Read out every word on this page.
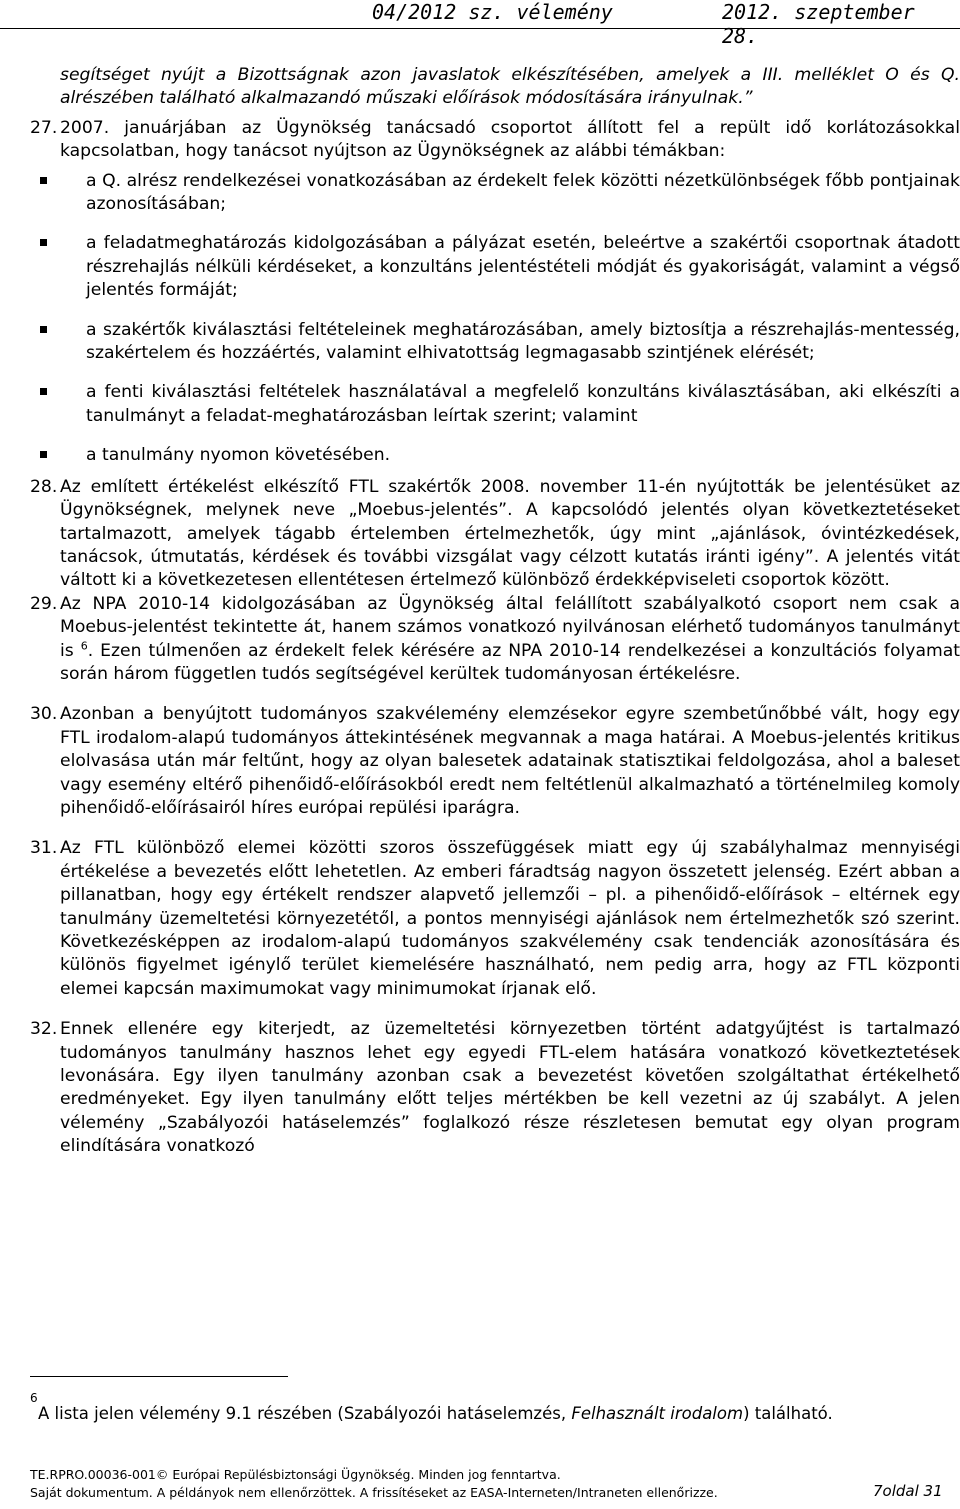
04/2012 sz. vélemény	2012. szeptember 28.
segítséget nyújt a Bizottságnak azon javaslatok elkészítésében, amelyek a III. melléklet O és Q. alrészében található alkalmazandó műszaki előírások módosítására irányulnak.”
27. 2007. januárjában az Ügynökség tanácsadó csoportot állított fel a repült idő korlátozásokkal kapcsolatban, hogy tanácsot nyújtson az Ügynökségnek az alábbi témákban:
a Q. alrész rendelkezései vonatkozásában az érdekelt felek közötti nézetkülönbségek főbb pontjainak azonosításában;
a feladatmeghatározás kidolgozásában a pályázat esetén, beleértve a szakértői csoportnak átadott részrehajlás nélküli kérdéseket, a konzultáns jelentéstételi módját és gyakoriságát, valamint a végső jelentés formáját;
a szakértők kiválasztási feltételeinek meghatározásában, amely biztosítja a részrehajlás-mentesség, szakértelem és hozzáértés, valamint elhivatottság legmagasabb szintjének elérését;
a fenti kiválasztási feltételek használatával a megfelelő konzultáns kiválasztásában, aki elkészíti a tanulmányt a feladat-meghatározásban leírtak szerint; valamint
a tanulmány nyomon követésében.
28. Az említett értékelést elkészítő FTL szakértők 2008. november 11-én nyújtották be jelentésüket az Ügynökségnek, melynek neve „Moebus-jelentés”. A kapcsolódó jelentés olyan következtetéseket tartalmazott, amelyek tágabb értelemben értelmezhetők, úgy mint „ajánlások, óvintézkedések, tanácsok, útmutatás, kérdések és további vizsgálat vagy célzott kutatás iránti igény”. A jelentés vitát váltott ki a következetesen ellentétesen értelmező különböző érdekképviseleti csoportok között.
29. Az NPA 2010-14 kidolgozásában az Ügynökség által felállított szabályalkotó csoport nem csak a Moebus-jelentést tekintette át, hanem számos vonatkozó nyilvánosan elérhető tudományos tanulmányt is $^6$. Ezen túlmenően az érdekelt felek kérésére az NPA 2010-14 rendelkezései a konzultációs folyamat során három független tudós segítségével kerültek tudományosan értékelésre.
30. Azonban a benyújtott tudományos szakvélemény elemzésekor egyre szembetűnőbbé vált, hogy egy FTL irodalom-alapú tudományos áttekintésének megvannak a maga határai. A Moebus-jelentés kritikus elolvasása után már feltűnt, hogy az olyan balesetek adatainak statisztikai feldolgozása, ahol a baleset vagy esemény eltérő pihenőidő-előírásokból eredt nem feltétlenül alkalmazható a történelmileg komoly pihenőidő-előírásairól híres európai repülési iparágra.
31. Az FTL különböző elemei közötti szoros összefüggések miatt egy új szabályhalmaz mennyiségi értékelése a bevezetés előtt lehetetlen. Az emberi fáradtság nagyon összetett jelenség. Ezért abban a pillanatban, hogy egy értékelt rendszer alapvető jellemzői – pl. a pihenőidő-előírások – eltérnek egy tanulmány üzemeltetési környezetétől, a pontos mennyiségi ajánlások nem értelmezhetők szó szerint. Következésképpen az irodalom-alapú tudományos szakvélemény csak tendenciák azonosítására és különös figyelmet igénylő terület kiemelésére használható, nem pedig arra, hogy az FTL központi elemei kapcsán maximumokat vagy minimumokat írjanak elő.
32. Ennek ellenére egy kiterjedt, az üzemeltetési környezetben történt adatgyűjtést is tartalmazó tudományos tanulmány hasznos lehet egy egyedi FTL-elem hatására vonatkozó következtetések levonására. Egy ilyen tanulmány azonban csak a bevezetést követően szolgáltathat értékelhető eredményeket. Egy ilyen tanulmány előtt teljes mértékben be kell vezetni az új szabályt. A jelen vélemény „Szabályozói hatáselemzés” foglalkozó része részletesen bemutat egy olyan program elindítására vonatkozó
6
A lista jelen vélemény 9.1 részében (Szabályozói hatáselemzés, Felhasznált irodalom) található.
TE.RPRO.00036-001© Európai Repülésbiztonsági Ügynökség. Minden jog fenntartva.
Saját dokumentum. A példányok nem ellenőrzöttek. A frissítéseket az EASA-Interneten/Intraneten ellenőrizze.	7oldal 31
